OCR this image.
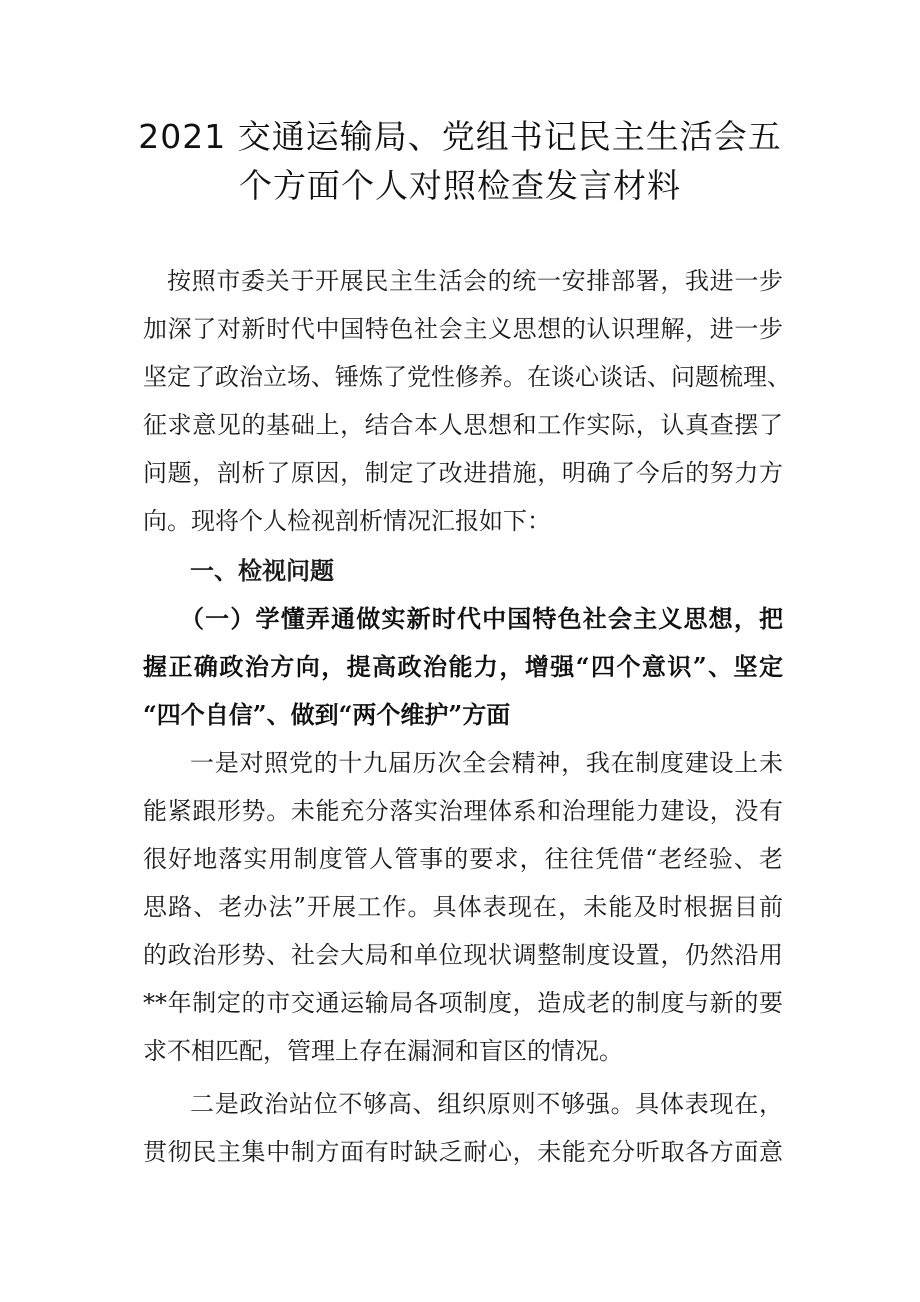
2021 交通运输局、党组书记民主生活会五
个方面个人对照检查发言材料

按照市委关于开展民主生活会的统一安排部署，我进一步

加深了对新时代中国特色社会主义思想的认识理解，进一步

坚定了政治立场、锤炼了党性修养。在谈心谈话、问题梳理、

征求意见的基础上，结合本人思想和工作实际，认真查摆了

问题，剖析了原因，制定了改进措施，明确了今后的努力方

向。现将个人检视剖析情况汇报如下：

一、检视问题

（一）学懂弄通做实新时代中国特色社会主义思想，把

握正确政治方向，提高政治能力，增强“四个意识”、坚定

“四个自信”、做到“两个维护”方面

一是对照党的十九届历次全会精神，我在制度建设上未

能紧跟形势。未能充分落实治理体系和治理能力建设，没有

很好地落实用制度管人管事的要求，往往凭借“老经验、老

思路、老办法”开展工作。具体表现在，未能及时根据目前

的政治形势、社会大局和单位现状调整制度设置，仍然沿用

**年制定的市交通运输局各项制度，造成老的制度与新的要

求不相匹配，管理上存在漏洞和盲区的情况。

二是政治站位不够高、组织原则不够强。具体表现在，

贯彻民主集中制方面有时缺乏耐心，未能充分听取各方面意
